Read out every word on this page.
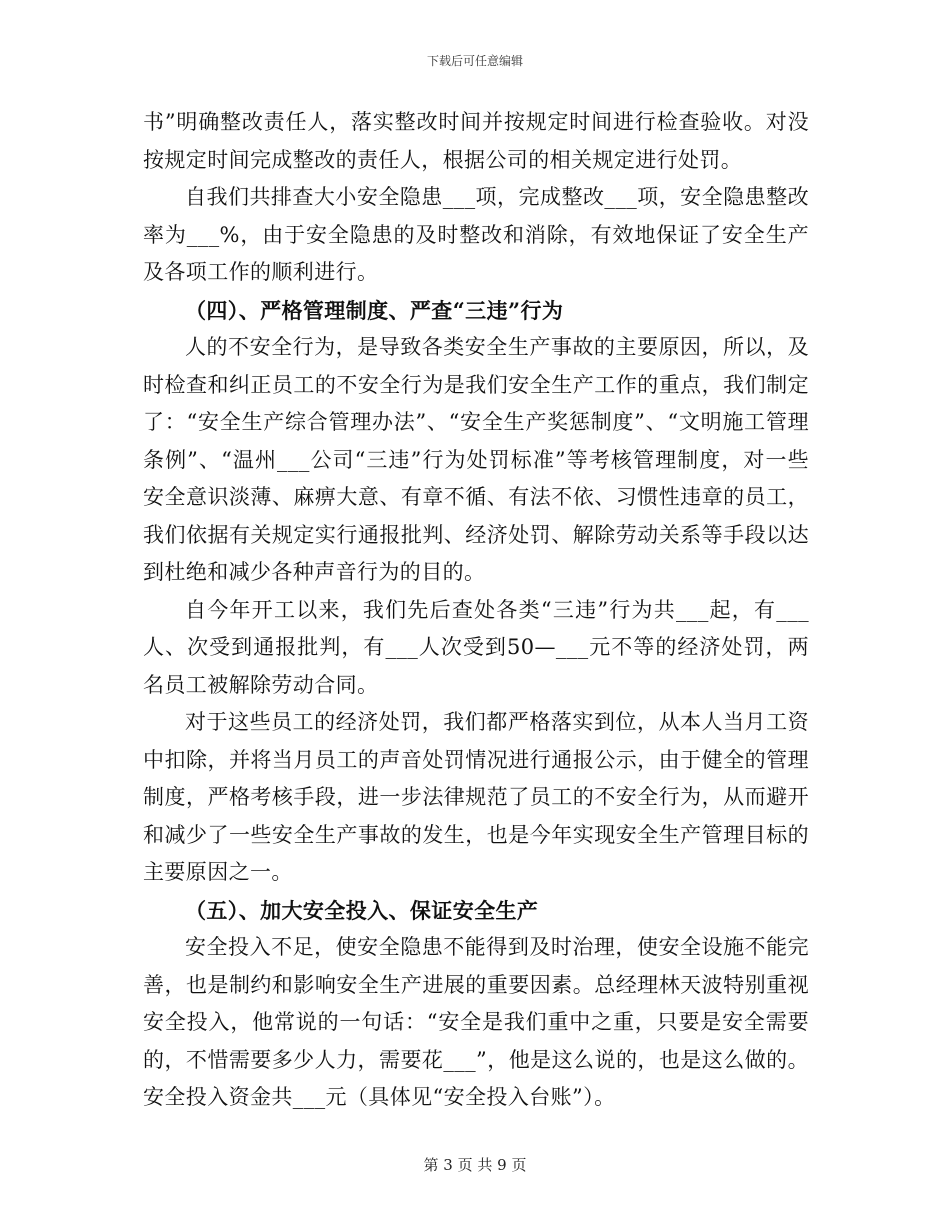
下载后可任意编辑

书”明确整改责任人，落实整改时间并按规定时间进行检查验收。对没按规定时间完成整改的责任人，根据公司的相关规定进行处罚。

自我们共排查大小安全隐患___项，完成整改___项，安全隐患整改率为___%，由于安全隐患的及时整改和消除，有效地保证了安全生产及各项工作的顺利进行。

（四）、严格管理制度、严查“三违”行为

人的不安全行为，是导致各类安全生产事故的主要原因，所以，及时检查和纠正员工的不安全行为是我们安全生产工作的重点，我们制定了：“安全生产综合管理办法”、“安全生产奖惩制度”、“文明施工管理条例”、“温州___公司“三违”行为处罚标准”等考核管理制度，对一些安全意识淡薄、麻痹大意、有章不循、有法不依、习惯性违章的员工，我们依据有关规定实行通报批判、经济处罚、解除劳动关系等手段以达到杜绝和减少各种声音行为的目的。

自今年开工以来，我们先后查处各类“三违”行为共___起，有___人、次受到通报批判，有___人次受到50—___元不等的经济处罚，两名员工被解除劳动合同。

对于这些员工的经济处罚，我们都严格落实到位，从本人当月工资中扣除，并将当月员工的声音处罚情况进行通报公示，由于健全的管理制度，严格考核手段，进一步法律规范了员工的不安全行为，从而避开和减少了一些安全生产事故的发生，也是今年实现安全生产管理目标的主要原因之一。

（五）、加大安全投入、保证安全生产

安全投入不足，使安全隐患不能得到及时治理，使安全设施不能完善，也是制约和影响安全生产进展的重要因素。总经理林天波特别重视安全投入，他常说的一句话：“安全是我们重中之重，只要是安全需要的，不惜需要多少人力，需要花___”，他是这么说的，也是这么做的。安全投入资金共___元（具体见“安全投入台账”）。

第 3 页 共 9 页
